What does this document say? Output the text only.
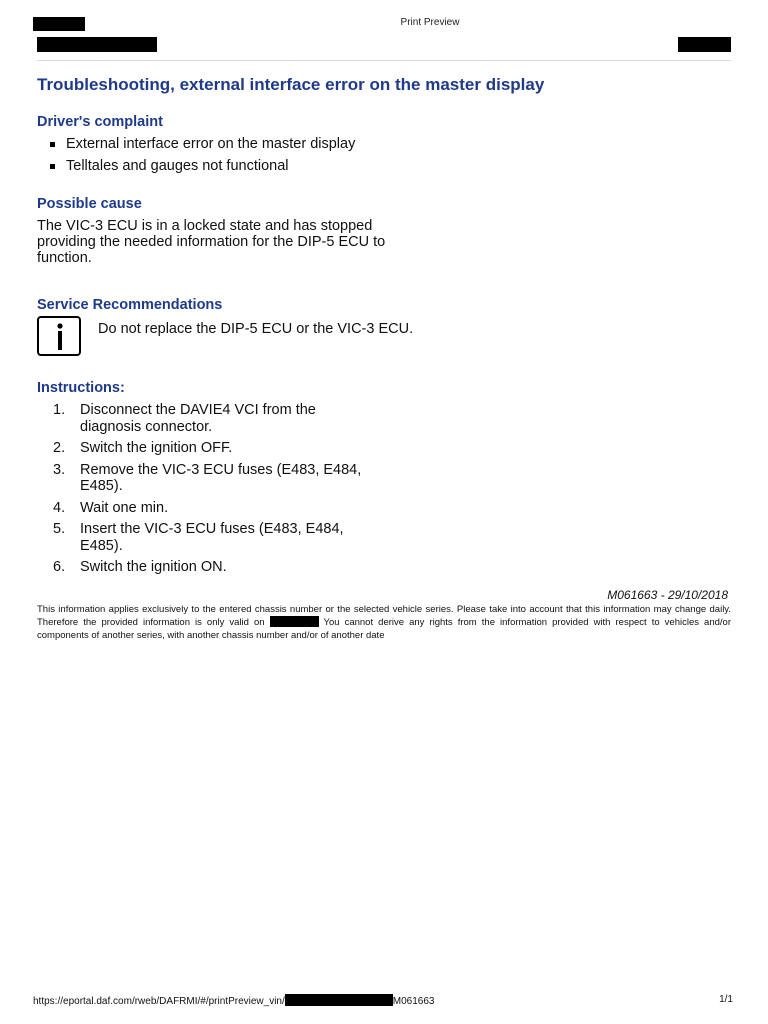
Print Preview
Troubleshooting, external interface error on the master display
Driver's complaint
External interface error on the master display
Telltales and gauges not functional
Possible cause
The VIC-3 ECU is in a locked state and has stopped providing the needed information for the DIP-5 ECU to function.
Service Recommendations
Do not replace the DIP-5 ECU or the VIC-3 ECU.
Instructions:
1. Disconnect the DAVIE4 VCI from the diagnosis connector.
2. Switch the ignition OFF.
3. Remove the VIC-3 ECU fuses (E483, E484, E485).
4. Wait one min.
5. Insert the VIC-3 ECU fuses (E483, E484, E485).
6. Switch the ignition ON.
M061663 - 29/10/2018
This information applies exclusively to the entered chassis number or the selected vehicle series. Please take into account that this information may change daily. Therefore the provided information is only valid on	You cannot derive any rights from the information provided with respect to vehicles and/or components of another series, with another chassis number and/or of another date
https://eportal.daf.com/rweb/DAFRMI/#/printPreview_vin/	M061663	1/1
